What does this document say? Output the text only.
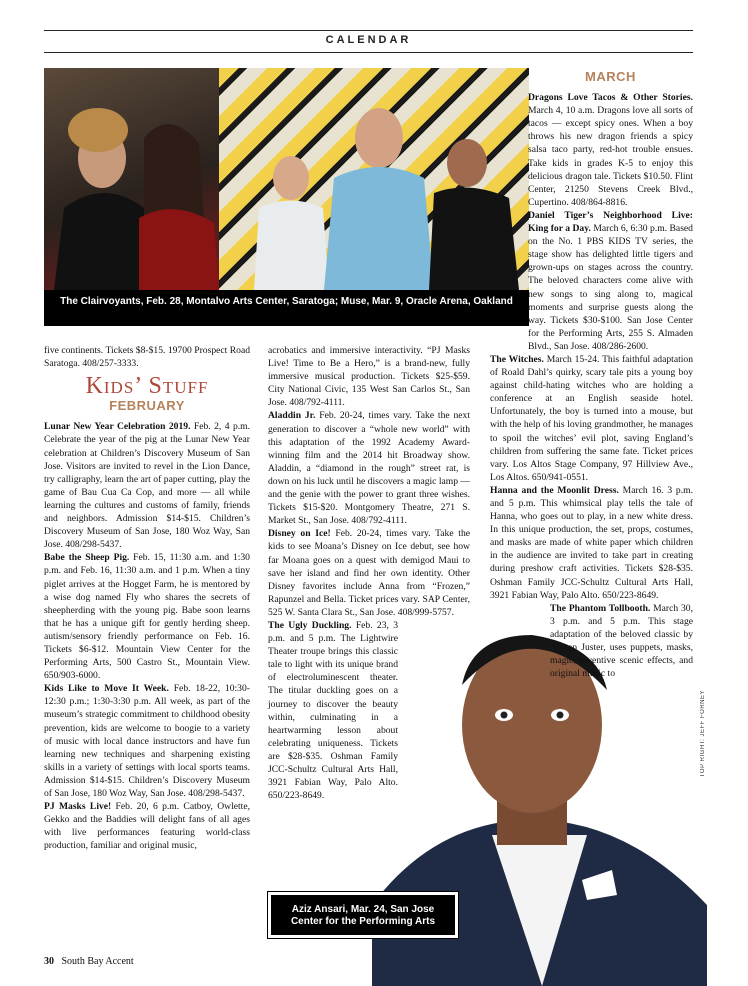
CALENDAR
The Clairvoyants, Feb. 28, Montalvo Arts Center, Saratoga; Muse, Mar. 9, Oracle Arena, Oakland

five continents. Tickets $8-$15. 19700 Prospect Road Saratoga. 408/257-3333.

Kids’ Stuff
FEBRUARY

Lunar New Year Celebration 2019. Feb. 2, 4 p.m. Celebrate the year of the pig at the Lunar New Year celebration at Children’s Discovery Museum of San Jose. Visitors are invited to revel in the Lion Dance, try calligraphy, learn the art of paper cutting, play the game of Bau Cua Ca Cop, and more — all while learning the cultures and customs of family, friends and neighbors. Admission $14-$15. Children’s Discovery Museum of San Jose, 180 Woz Way, San Jose. 408/298-5437.

Babe the Sheep Pig. Feb. 15, 11:30 a.m. and 1:30 p.m. and Feb. 16, 11:30 a.m. and 1 p.m. When a tiny piglet arrives at the Hogget Farm, he is mentored by a wise dog named Fly who shares the secrets of sheepherding with the young pig. Babe soon learns that he has a unique gift for gently herding sheep. autism/sensory friendly performance on Feb. 16. Tickets $6-$12. Mountain View Center for the Performing Arts, 500 Castro St., Mountain View. 650/903-6000.

Kids Like to Move It Week. Feb. 18-22, 10:30-12:30 p.m.; 1:30-3:30 p.m. All week, as part of the museum’s strategic commitment to childhood obesity prevention, kids are welcome to boogie to a variety of music with local dance instructors and have fun learning new techniques and sharpening existing skills in a variety of settings with local sports teams. Admission $14-$15. Children’s Discovery Museum of San Jose, 180 Woz Way, San Jose. 408/298-5437.

PJ Masks Live! Feb. 20, 6 p.m. Catboy, Owlette, Gekko and the Baddies will delight fans of all ages with live performances featuring world-class production, familiar and original music,

acrobatics and immersive interactivity. “PJ Masks Live! Time to Be a Hero,” is a brand-new, fully immersive musical production. Tickets $25-$59. City National Civic, 135 West San Carlos St., San Jose. 408/792-4111.

Aladdin Jr. Feb. 20-24, times vary. Take the next generation to discover a “whole new world” with this adaptation of the 1992 Academy Award-winning film and the 2014 hit Broadway show. Aladdin, a “diamond in the rough” street rat, is down on his luck until he discovers a magic lamp — and the genie with the power to grant three wishes. Tickets $15-$20. Montgomery Theatre, 271 S. Market St., San Jose. 408/792-4111.

Disney on Ice! Feb. 20-24, times vary. Take the kids to see Moana’s Disney on Ice debut, see how far Moana goes on a quest with demigod Maui to save her island and find her own identity. Other Disney favorites include Anna from “Frozen,” Rapunzel and Bella. Ticket prices vary. SAP Center, 525 W. Santa Clara St., San Jose. 408/999-5757.

The Ugly Duckling. Feb. 23, 3 p.m. and 5 p.m. The Lightwire Theater troupe brings this classic tale to light with its unique brand of electroluminescent theater. The titular duckling goes on a journey to discover the beauty within, culminating in a heartwarming lesson about celebrating uniqueness. Tickets are $28-$35. Oshman Family JCC-Schultz Cultural Arts Hall, 3921 Fabian Way, Palo Alto. 650/223-8649.

Aziz Ansari, Mar. 24, San Jose Center for the Performing Arts
MARCH

Dragons Love Tacos & Other Stories. March 4, 10 a.m. Dragons love all sorts of tacos — except spicy ones. When a boy throws his new dragon friends a spicy salsa taco party, red-hot trouble ensues. Take kids in grades K-5 to enjoy this delicious dragon tale. Tickets $10.50. Flint Center, 21250 Stevens Creek Blvd., Cupertino. 408/864-8816.

Daniel Tiger’s Neighborhood Live: King for a Day. March 6, 6:30 p.m. Based on the No. 1 PBS KIDS TV series, the stage show has delighted little tigers and grown-ups on stages across the country. The beloved characters come alive with new songs to sing along to, magical moments and surprise guests along the way. Tickets $30-$100. San Jose Center for the Performing Arts, 255 S. Almaden Blvd., San Jose. 408/286-2600.

The Witches. March 15-24. This faithful adaptation of Roald Dahl’s quirky, scary tale pits a young boy against child-hating witches who are holding a conference at an English seaside hotel. Unfortunately, the boy is turned into a mouse, but with the help of his loving grandmother, he manages to spoil the witches’ evil plot, saving England’s children from suffering the same fate. Ticket prices vary. Los Altos Stage Company, 97 Hillview Ave., Los Altos. 650/941-0551.

Hanna and the Moonlit Dress. March 16. 3 p.m. and 5 p.m. This whimsical play tells the tale of Hanna, who goes out to play, in a new white dress. In this unique production, the set, props, costumes, and masks are made of white paper which children in the audience are invited to take part in creating during preshow craft activities. Tickets $28-$35. Oshman Family JCC-Schultz Cultural Arts Hall, 3921 Fabian Way, Palo Alto. 650/223-8649.

The Phantom Tollbooth. March 30, 3 p.m. and 5 p.m. This stage adaptation of the beloved classic by Norton Juster, uses puppets, masks, magic, inventive scenic effects, and original music to

TOP RIGHT: JEFF FORNEY
30 South Bay Accent
